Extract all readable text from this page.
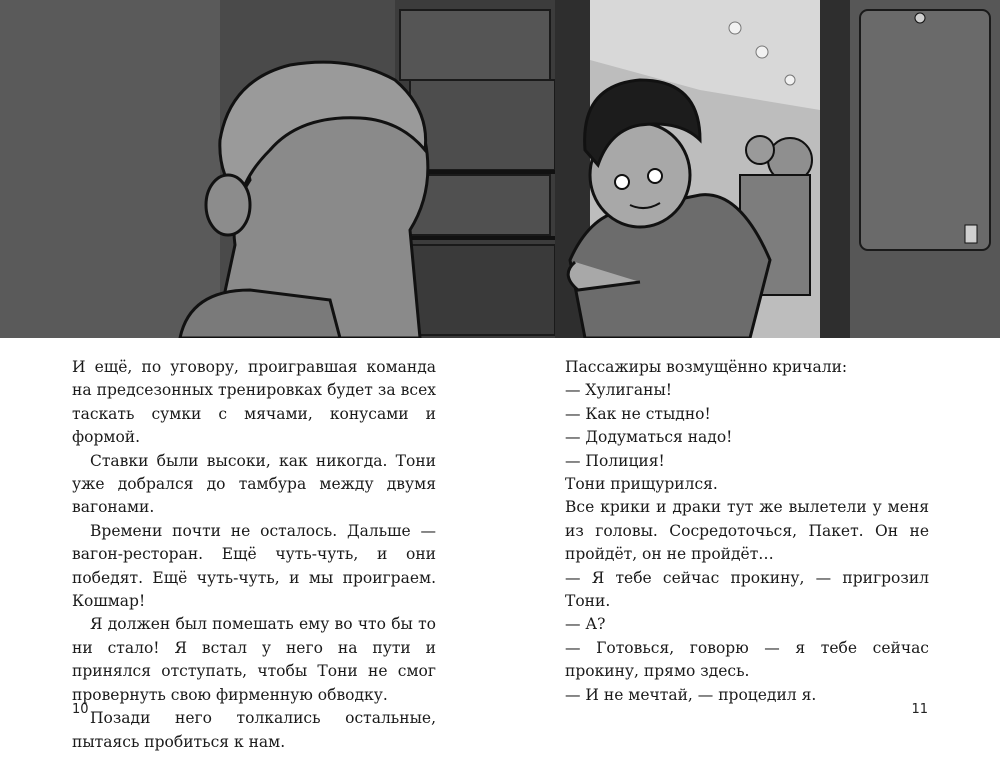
И ещё, по уговору, проигравшая команда на предсезонных тренировках будет за всех таскать сумки с мячами, конусами и формой.

Ставки были высоки, как никогда. Тони уже добрался до тамбура между двумя вагонами.

Времени почти не осталось. Дальше — вагон-ресторан. Ещё чуть-чуть, и они победят. Ещё чуть-чуть, и мы проиграем. Кошмар!

Я должен был помешать ему во что бы то ни стало! Я встал у него на пути и принялся отступать, чтобы Тони не смог провернуть свою фирменную обводку.

Позади него толкались остальные, пытаясь пробиться к нам.

Пассажиры возмущённо кричали:

— Хулиганы!

— Как не стыдно!

— Додуматься надо!

— Полиция!

Тони прищурился.

Все крики и драки тут же вылетели у меня из головы. Сосредоточься, Пакет. Он не пройдёт, он не пройдёт…

— Я тебе сейчас прокину, — пригрозил Тони.

— А?

— Готовься, говорю — я тебе сейчас прокину, прямо здесь.

— И не мечтай, — процедил я.

10	11
